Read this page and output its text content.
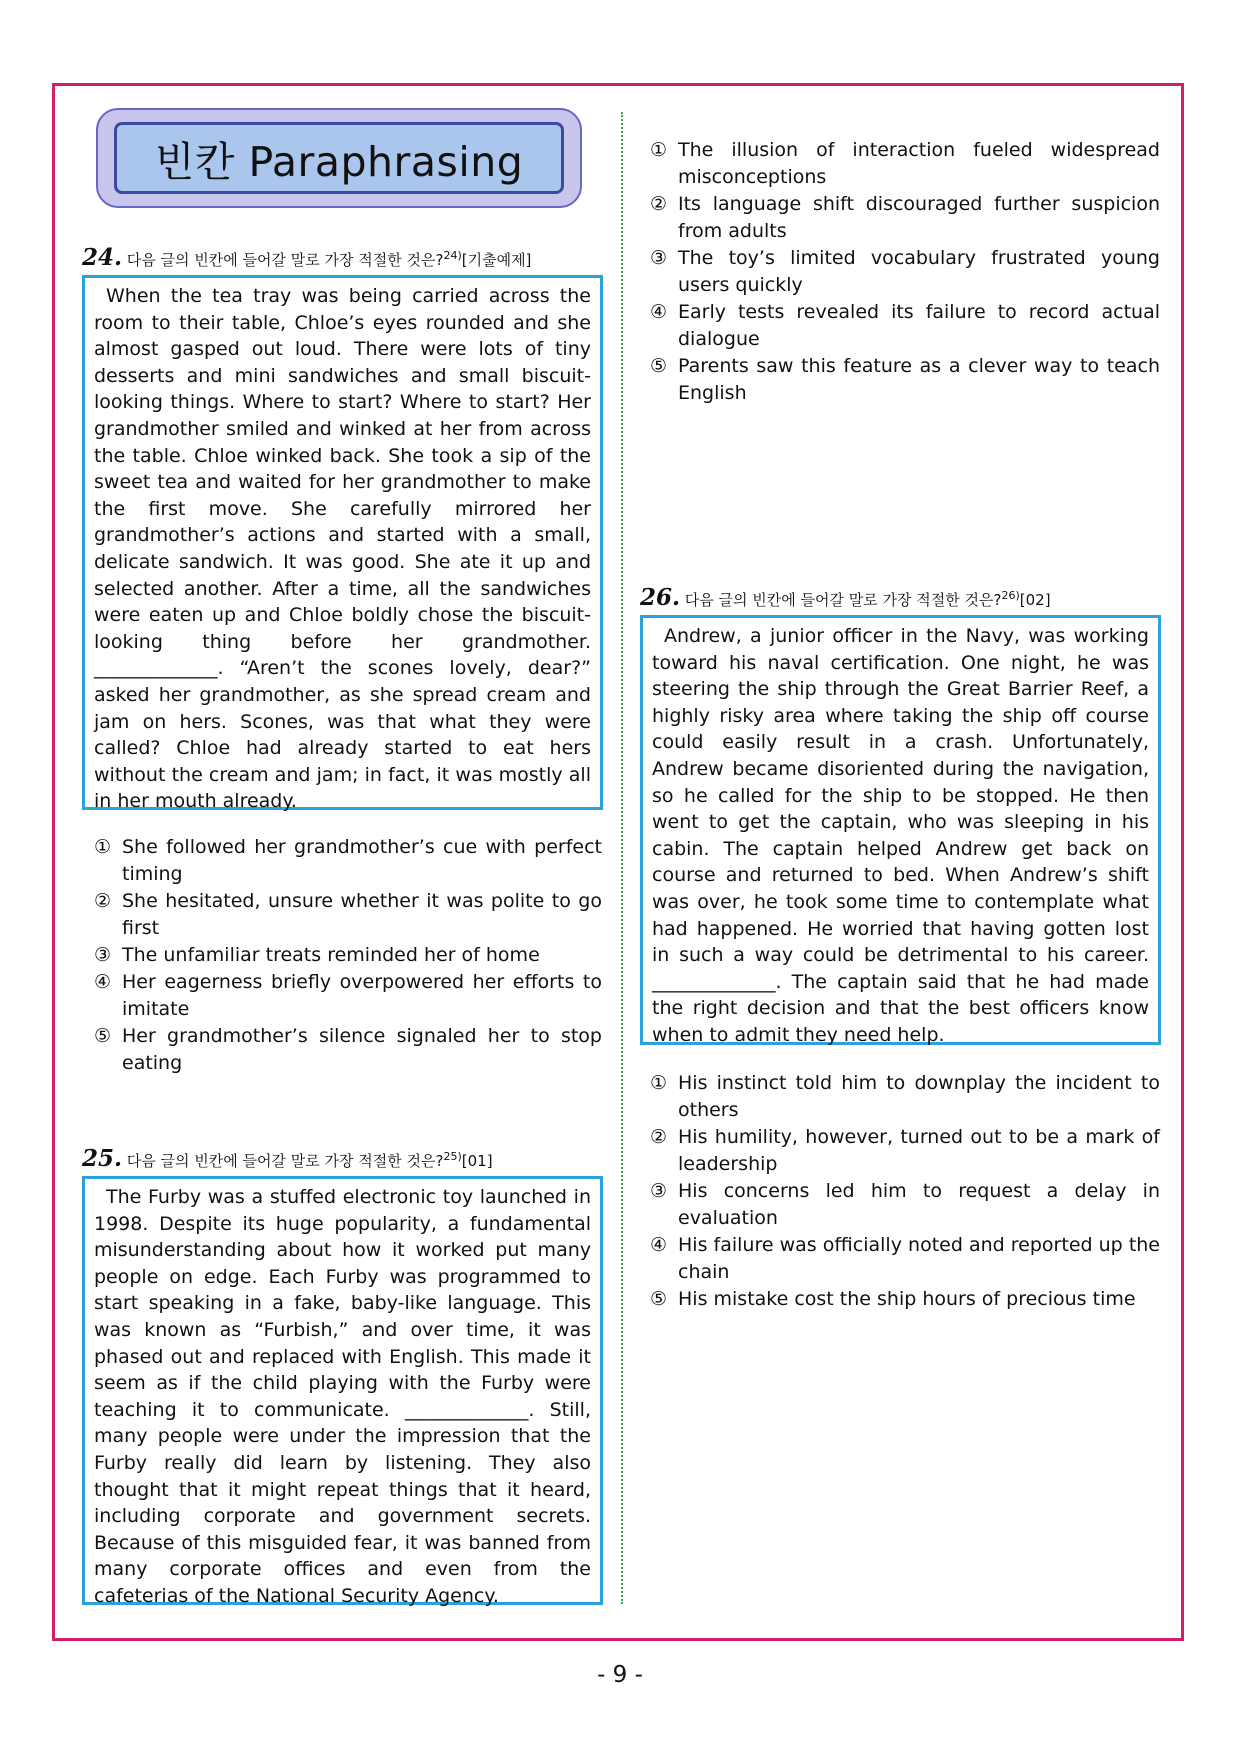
빈칸 Paraphrasing
24. 다음 글의 빈칸에 들어갈 말로 가장 적절한 것은?$^{24)}$[기출예제]

When the tea tray was being carried across the room to their table, Chloe’s eyes rounded and she almost gasped out loud. There were lots of tiny desserts and mini sandwiches and small biscuit-looking things. Where to start? Where to start? Her grandmother smiled and winked at her from across the table. Chloe winked back. She took a sip of the sweet tea and waited for her grandmother to make the first move. She carefully mirrored her grandmother’s actions and started with a small, delicate sandwich. It was good. She ate it up and selected another. After a time, all the sandwiches were eaten up and Chloe boldly chose the biscuit-looking thing before her grandmother. _____________. “Aren’t the scones lovely, dear?” asked her grandmother, as she spread cream and jam on hers. Scones, was that what they were called? Chloe had already started to eat hers without the cream and jam; in fact, it was mostly all in her mouth already.

① She followed her grandmother’s cue with perfect timing
② She hesitated, unsure whether it was polite to go first
③ The unfamiliar treats reminded her of home
④ Her eagerness briefly overpowered her efforts to imitate
⑤ Her grandmother’s silence signaled her to stop eating
25. 다음 글의 빈칸에 들어갈 말로 가장 적절한 것은?$^{25)}$[01]

The Furby was a stuffed electronic toy launched in 1998. Despite its huge popularity, a fundamental misunderstanding about how it worked put many people on edge. Each Furby was programmed to start speaking in a fake, baby-like language. This was known as “Furbish,” and over time, it was phased out and replaced with English. This made it seem as if the child playing with the Furby were teaching it to communicate. _____________. Still, many people were under the impression that the Furby really did learn by listening. They also thought that it might repeat things that it heard, including corporate and government secrets. Because of this misguided fear, it was banned from many corporate offices and even from the cafeterias of the National Security Agency.

① The illusion of interaction fueled widespread misconceptions
② Its language shift discouraged further suspicion from adults
③ The toy’s limited vocabulary frustrated young users quickly
④ Early tests revealed its failure to record actual dialogue
⑤ Parents saw this feature as a clever way to teach English
26. 다음 글의 빈칸에 들어갈 말로 가장 적절한 것은?$^{26)}$[02]

Andrew, a junior officer in the Navy, was working toward his naval certification. One night, he was steering the ship through the Great Barrier Reef, a highly risky area where taking the ship off course could easily result in a crash. Unfortunately, Andrew became disoriented during the navigation, so he called for the ship to be stopped. He then went to get the captain, who was sleeping in his cabin. The captain helped Andrew get back on course and returned to bed. When Andrew’s shift was over, he took some time to contemplate what had happened. He worried that having gotten lost in such a way could be detrimental to his career. _____________. The captain said that he had made the right decision and that the best officers know when to admit they need help.

① His instinct told him to downplay the incident to others
② His humility, however, turned out to be a mark of leadership
③ His concerns led him to request a delay in evaluation
④ His failure was officially noted and reported up the chain
⑤ His mistake cost the ship hours of precious time
- 9 -
